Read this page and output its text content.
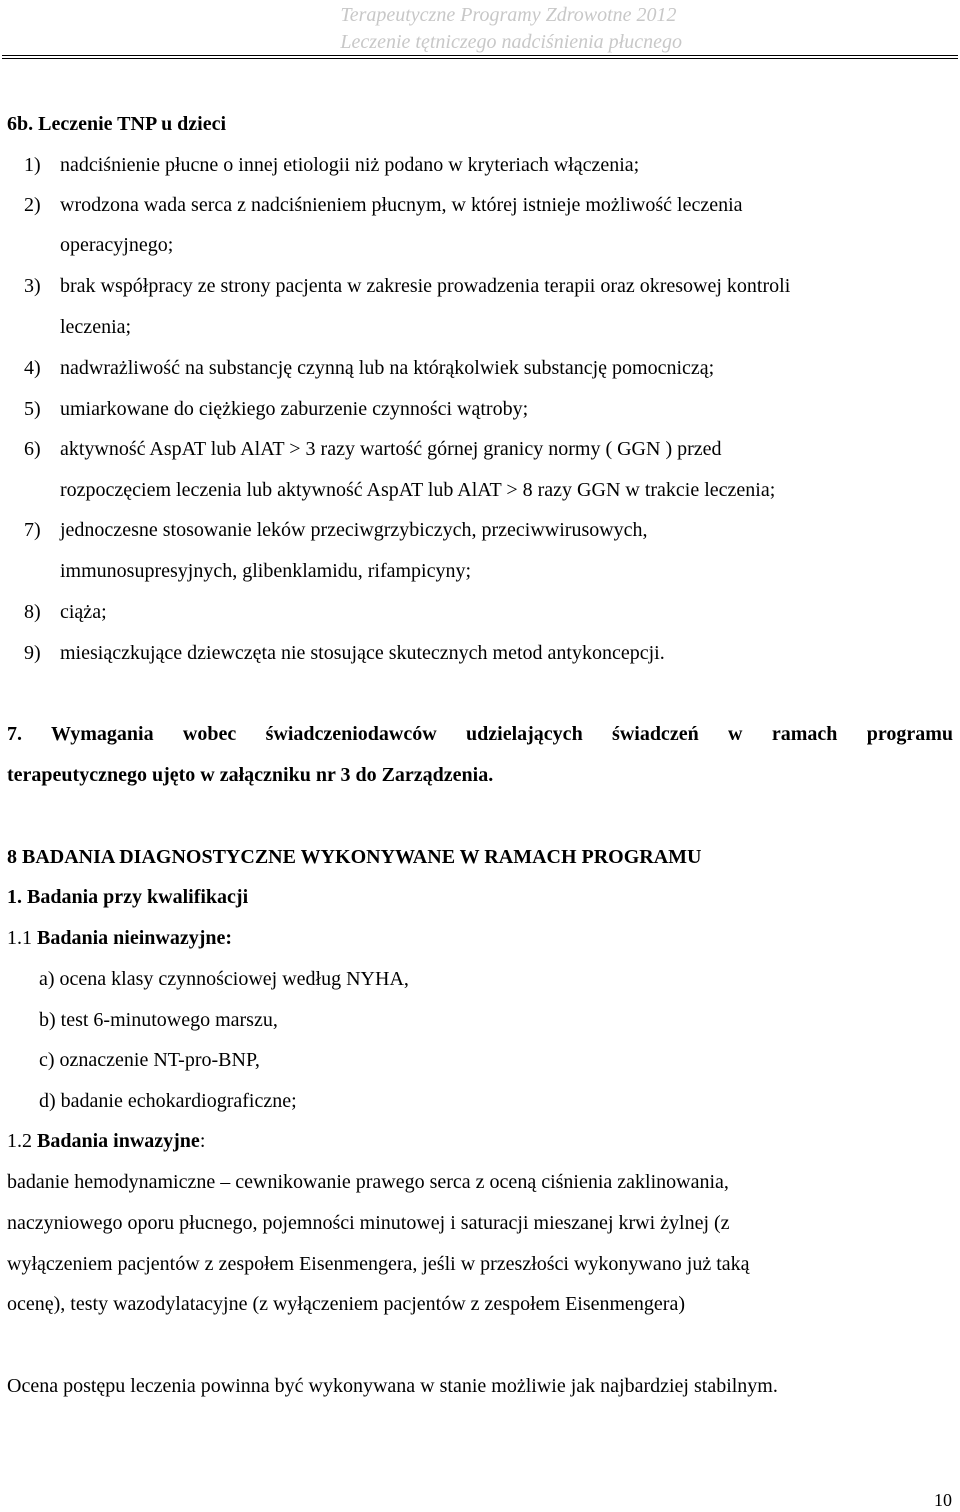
Terapeutyczne Programy Zdrowotne 2012
Leczenie tętniczego nadciśnienia płucnego
6b. Leczenie TNP u dzieci
1) nadciśnienie płucne o innej etiologii niż podano w kryteriach włączenia;
2) wrodzona wada serca z nadciśnieniem płucnym, w której istnieje możliwość leczenia
operacyjnego;
3) brak współpracy ze strony pacjenta w zakresie prowadzenia terapii oraz okresowej kontroli
leczenia;
4) nadwrażliwość na substancję czynną lub na którąkolwiek substancję pomocniczą;
5) umiarkowane do ciężkiego zaburzenie czynności wątroby;
6) aktywność AspAT lub AlAT > 3 razy wartość górnej granicy normy ( GGN ) przed
rozpoczęciem leczenia lub aktywność AspAT lub AlAT > 8 razy GGN w trakcie leczenia;
7) jednoczesne stosowanie leków przeciwgrzybiczych, przeciwwirusowych,
immunosupresyjnych, glibenklamidu, rifampicyny;
8) ciąża;
9) miesiączkujące dziewczęta nie stosujące skutecznych metod antykoncepcji.
7. Wymagania wobec świadczeniodawców udzielających świadczeń w ramach programu
terapeutycznego ujęto w załączniku nr 3 do Zarządzenia.
8 BADANIA DIAGNOSTYCZNE WYKONYWANE W RAMACH PROGRAMU
1. Badania przy kwalifikacji
1.1 Badania nieinwazyjne:
a) ocena klasy czynnościowej według NYHA,
b) test 6-minutowego marszu,
c) oznaczenie NT-pro-BNP,
d) badanie echokardiograficzne;
1.2 Badania inwazyjne:
badanie hemodynamiczne – cewnikowanie prawego serca z oceną ciśnienia zaklinowania,
naczyniowego oporu płucnego, pojemności minutowej i saturacji mieszanej krwi żylnej (z
wyłączeniem pacjentów z zespołem Eisenmengera, jeśli w przeszłości wykonywano już taką
ocenę), testy wazodylatacyjne (z wyłączeniem pacjentów z zespołem Eisenmengera)
Ocena postępu leczenia powinna być wykonywana w stanie możliwie jak najbardziej stabilnym.
10
